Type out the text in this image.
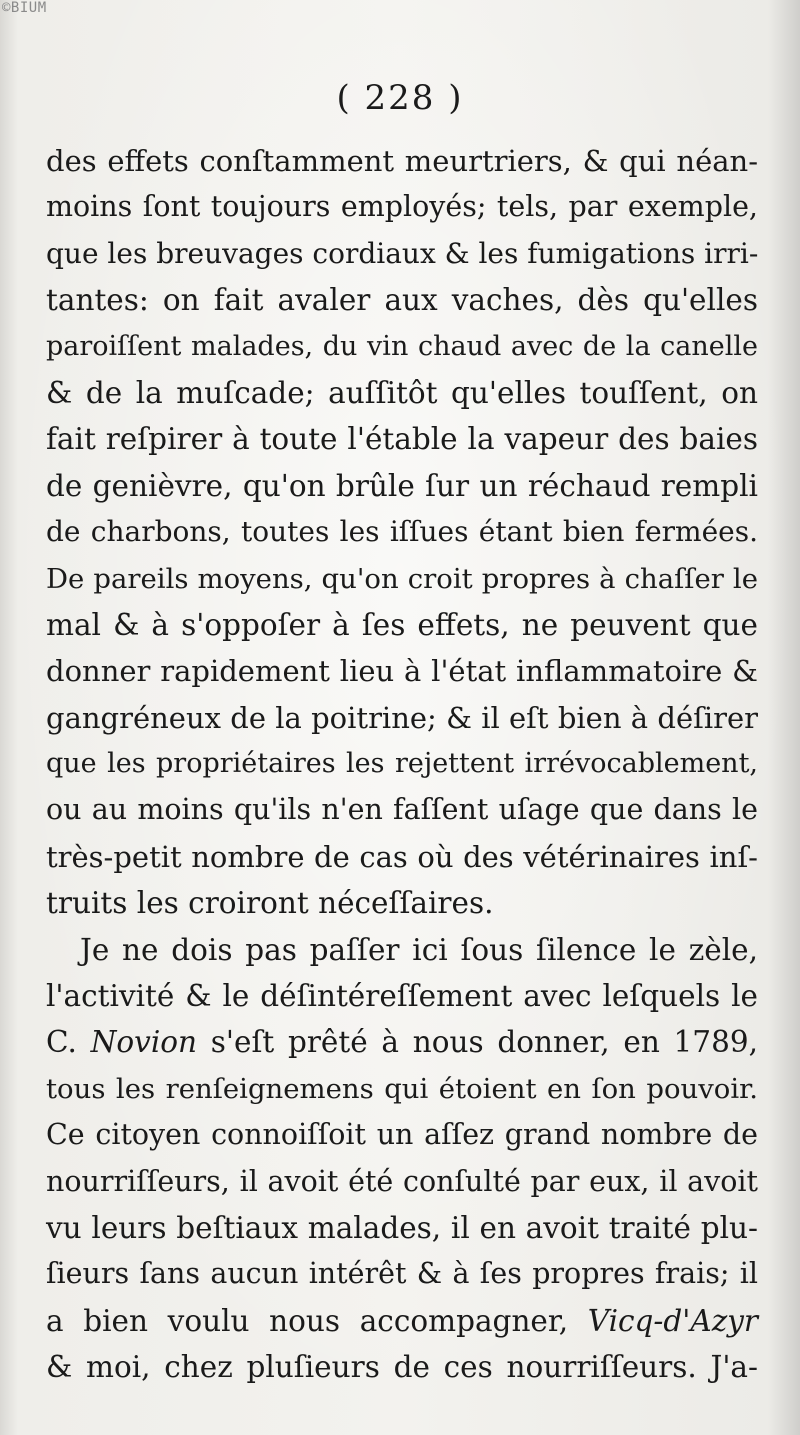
©BIUM
( 228 )
des effets conſtamment meurtriers, & qui néan-
moins ſont toujours employés; tels, par exemple,
que les breuvages cordiaux & les fumigations irri-
tantes: on fait avaler aux vaches, dès qu'elles
paroiſſent malades, du vin chaud avec de la canelle
& de la muſcade; auſſitôt qu'elles touſſent, on
fait reſpirer à toute l'étable la vapeur des baies
de genièvre, qu'on brûle ſur un réchaud rempli
de charbons, toutes les iſſues étant bien fermées.
De pareils moyens, qu'on croit propres à chaſſer le
mal & à s'oppoſer à ſes effets, ne peuvent que
donner rapidement lieu à l'état inflammatoire &
gangréneux de la poitrine; & il eſt bien à déſirer
que les propriétaires les rejettent irrévocablement,
ou au moins qu'ils n'en faſſent uſage que dans le
très-petit nombre de cas où des vétérinaires inſ-
truits les croiront néceſſaires.
Je ne dois pas paſſer ici ſous ſilence le zèle,
l'activité & le déſintéreſſement avec leſquels le
C. Novion s'eſt prêté à nous donner, en 1789,
tous les renſeignemens qui étoient en ſon pouvoir.
Ce citoyen connoiſſoit un aſſez grand nombre de
nourriſſeurs, il avoit été conſulté par eux, il avoit
vu leurs beſtiaux malades, il en avoit traité plu-
ſieurs ſans aucun intérêt & à ſes propres frais; il
a bien voulu nous accompagner, Vicq-d'Azyr
& moi, chez pluſieurs de ces nourriſſeurs. J'a-
